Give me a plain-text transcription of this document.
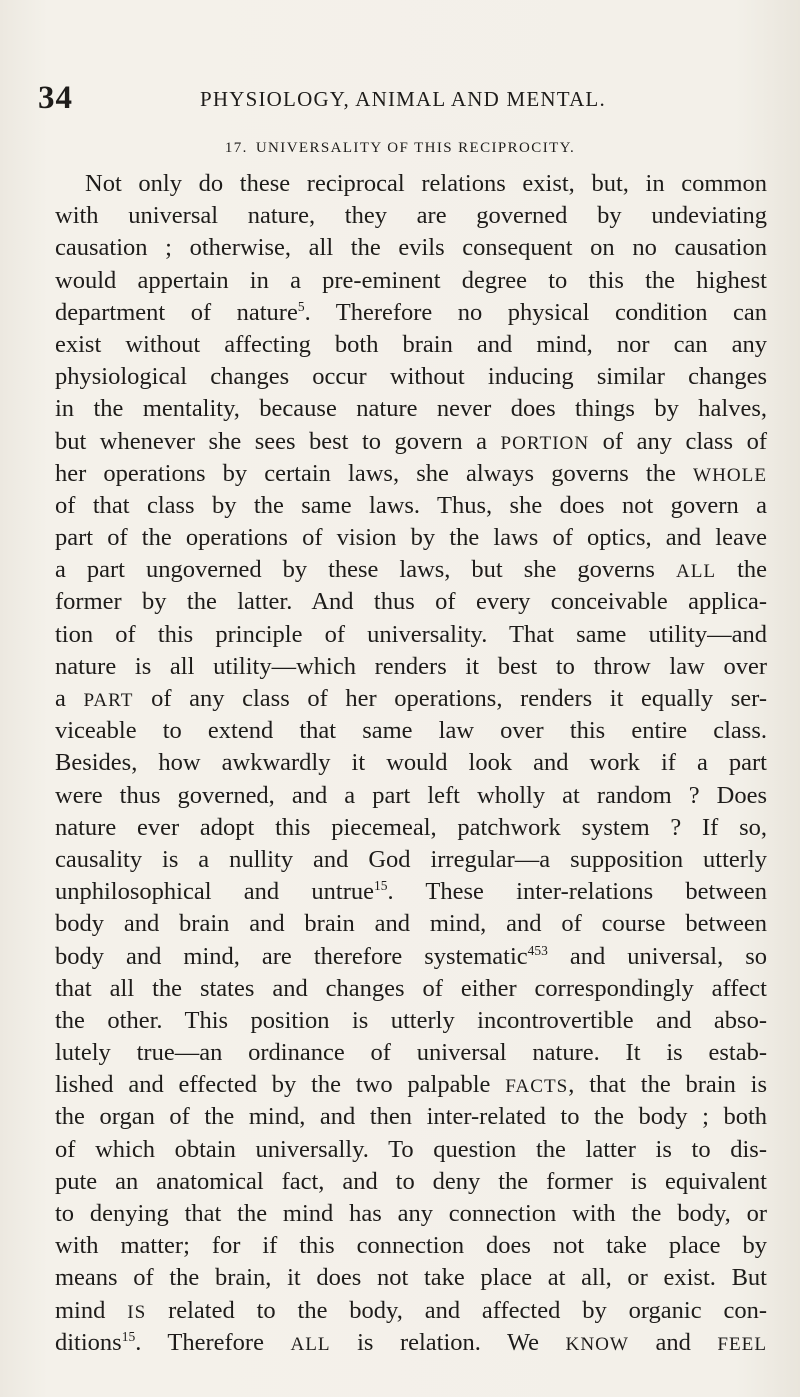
34	PHYSIOLOGY, ANIMAL AND MENTAL.
17. UNIVERSALITY OF THIS RECIPROCITY.
Not only do these reciprocal relations exist, but, in common
with universal nature, they are governed by undeviating
causation ; otherwise, all the evils consequent on no causation
would appertain in a pre-eminent degree to this the highest
department of nature$^5$. Therefore no physical condition can
exist without affecting both brain and mind, nor can any
physiological changes occur without inducing similar changes
in the mentality, because nature never does things by halves,
but whenever she sees best to govern a PORTION of any class of
her operations by certain laws, she always governs the WHOLE
of that class by the same laws. Thus, she does not govern a
part of the operations of vision by the laws of optics, and leave
a part ungoverned by these laws, but she governs ALL the
former by the latter. And thus of every conceivable applica-
tion of this principle of universality. That same utility—and
nature is all utility—which renders it best to throw law over
a PART of any class of her operations, renders it equally ser-
viceable to extend that same law over this entire class.
Besides, how awkwardly it would look and work if a part
were thus governed, and a part left wholly at random ? Does
nature ever adopt this piecemeal, patchwork system ? If so,
causality is a nullity and God irregular—a supposition utterly
unphilosophical and untrue$^{15}$. These inter-relations between
body and brain and brain and mind, and of course between
body and mind, are therefore systematic$^{453}$ and universal, so
that all the states and changes of either correspondingly affect
the other. This position is utterly incontrovertible and abso-
lutely true—an ordinance of universal nature. It is estab-
lished and effected by the two palpable FACTS, that the brain is
the organ of the mind, and then inter-related to the body ; both
of which obtain universally. To question the latter is to dis-
pute an anatomical fact, and to deny the former is equivalent
to denying that the mind has any connection with the body, or
with matter; for if this connection does not take place by
means of the brain, it does not take place at all, or exist. But
mind IS related to the body, and affected by organic con-
ditions$^{15}$. Therefore ALL is relation. We KNOW and FEEL
